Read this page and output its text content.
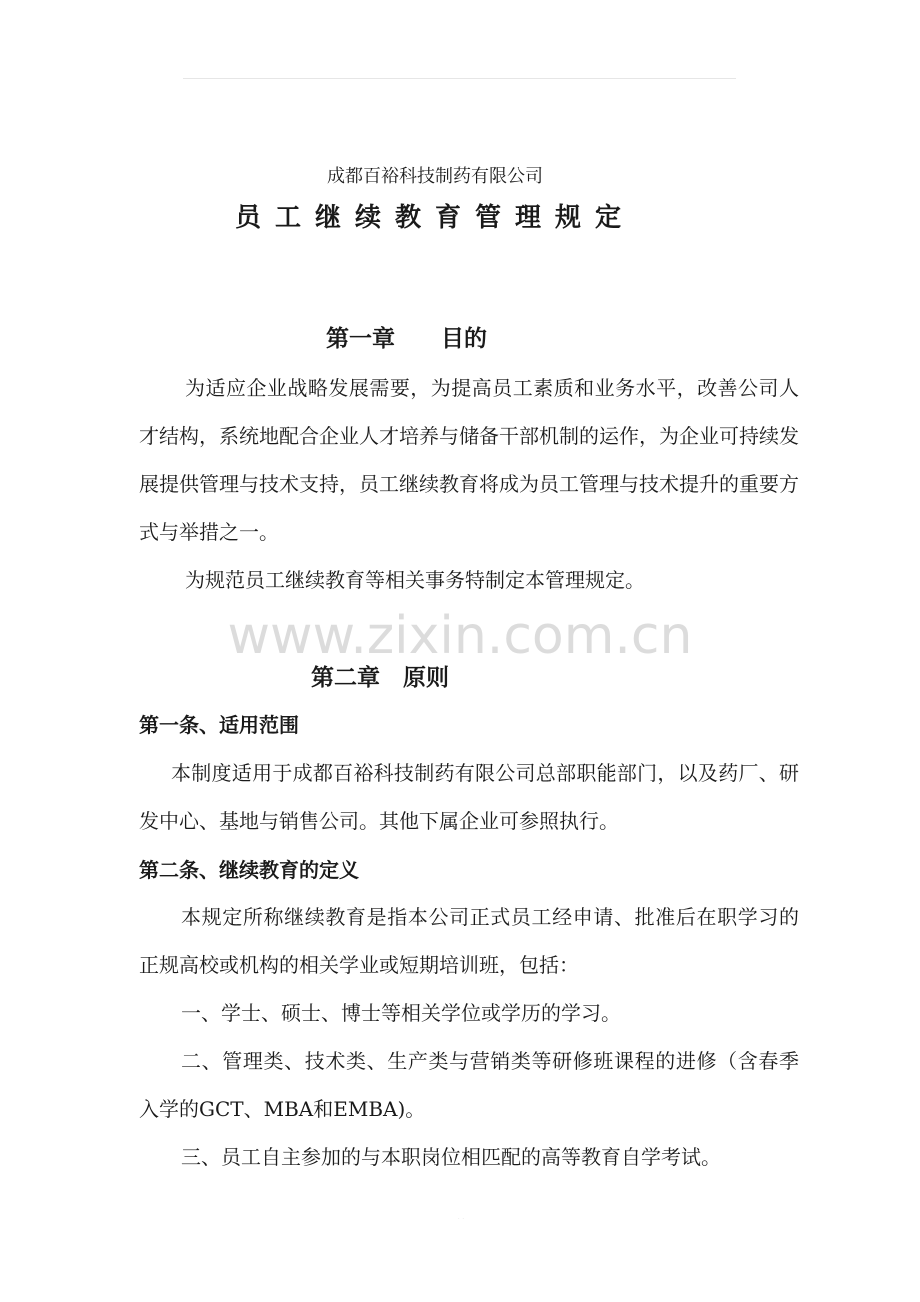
成都百裕科技制药有限公司
员工继续教育管理规定
第一章　　目的
为适应企业战略发展需要，为提高员工素质和业务水平，改善公司人才结构，系统地配合企业人才培养与储备干部机制的运作，为企业可持续发展提供管理与技术支持，员工继续教育将成为员工管理与技术提升的重要方式与举措之一。
为规范员工继续教育等相关事务特制定本管理规定。
www.zixin.com.cn
第二章　原则
第一条、适用范围
本制度适用于成都百裕科技制药有限公司总部职能部门，以及药厂、研发中心、基地与销售公司。其他下属企业可参照执行。
第二条、继续教育的定义
本规定所称继续教育是指本公司正式员工经申请、批准后在职学习的正规高校或机构的相关学业或短期培训班，包括：
一、学士、硕士、博士等相关学位或学历的学习。
二、管理类、技术类、生产类与营销类等研修班课程的进修（含春季入学的GCT、MBA和EMBA)。
三、员工自主参加的与本职岗位相匹配的高等教育自学考试。
· ·
